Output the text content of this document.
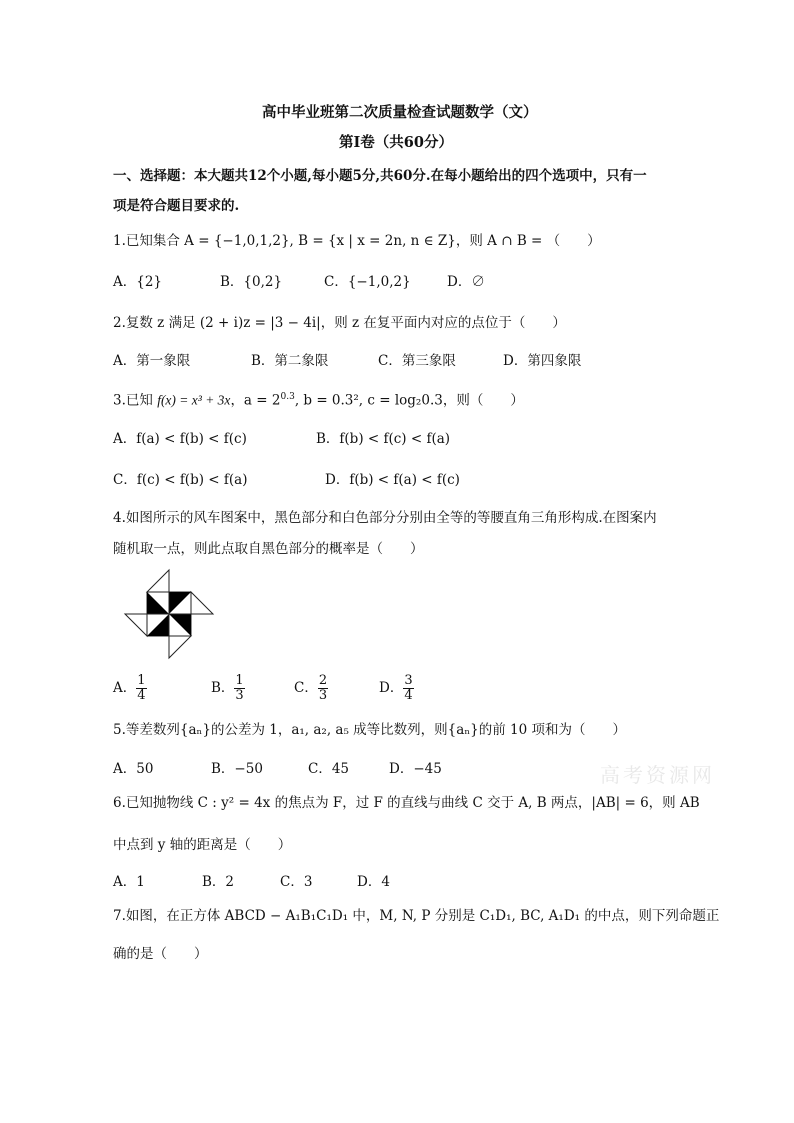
高中毕业班第二次质量检查试题数学（文）
第Ⅰ卷（共60分）
一、选择题：本大题共12个小题,每小题5分,共60分.在每小题给出的四个选项中，只有一
项是符合题目要求的.
1.已知集合 A = {−1,0,1,2}, B = {x | x = 2n, n ∈ Z}，则 A ∩ B = （　　）
A．{2}	B．{0,2}	C．{−1,0,2}	D．∅
2.复数 z 满足 (2 + i)z = |3 − 4i|，则 z 在复平面内对应的点位于（　　）
A．第一象限	B．第二象限	C．第三象限	D．第四象限
3.已知 f(x) = x³ + 3x，$a = 2^{0.3}$, b = 0.3², c = log₂0.3，则（　　）
A．f(a) < f(b) < f(c)	B．f(b) < f(c) < f(a)
C．f(c) < f(b) < f(a)	D．f(b) < f(a) < f(c)
4.如图所示的风车图案中，黑色部分和白色部分分别由全等的等腰直角三角形构成.在图案内
随机取一点，则此点取自黑色部分的概率是（　　）
A． $\frac{1}{4}$	B． $\frac{1}{3}$	C． $\frac{2}{3}$	D． $\frac{3}{4}$
5.等差数列{aₙ}的公差为 1，a₁, a₂, a₅ 成等比数列，则{aₙ}的前 10 项和为（　　）
A．50	B．−50	C．45	D．−45	高考资源网
6.已知抛物线 C : y² = 4x 的焦点为 F，过 F 的直线与曲线 C 交于 A, B 两点，|AB| = 6，则 AB
中点到 y 轴的距离是（　　）
A．1	B．2	C．3	D．4
7.如图，在正方体 ABCD − A₁B₁C₁D₁ 中，M, N, P 分别是 C₁D₁, BC, A₁D₁ 的中点，则下列命题正
确的是（　　）
